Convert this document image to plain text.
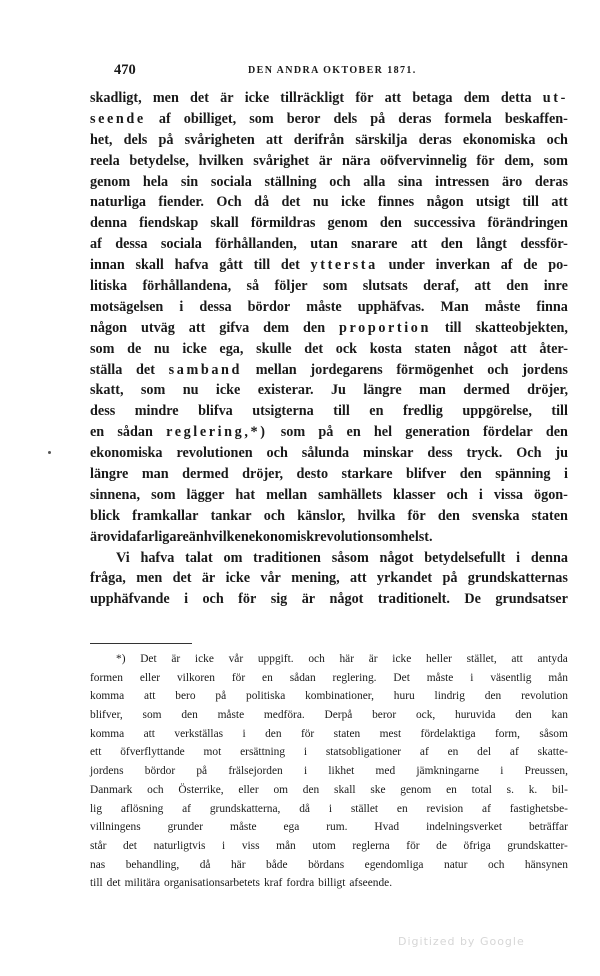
470	DEN ANDRA OKTOBER 1871.
skadligt, men det är icke tillräckligt för att betaga dem detta ut-
seende af obilliget, som beror dels på deras formela beskaffen-
het, dels på svårigheten att derifrån särskilja deras ekonomiska och
reela betydelse, hvilken svårighet är nära oöfvervinnelig för dem, som
genom hela sin sociala ställning och alla sina intressen äro deras
naturliga fiender. Och då det nu icke finnes någon utsigt till att
denna fiendskap skall förmildras genom den successiva förändringen
af dessa sociala förhållanden, utan snarare att den långt dessför-
innan skall hafva gått till det yttersta under inverkan af de po-
litiska förhållandena, så följer som slutsats deraf, att den inre
motsägelsen i dessa bördor måste upphäfvas. Man måste finna
någon utväg att gifva dem den proportion till skatteobjekten,
som de nu icke ega, skulle det ock kosta staten något att åter-
ställa det samband mellan jordegarens förmögenhet och jordens
skatt, som nu icke existerar. Ju längre man dermed dröjer,
dess mindre blifva utsigterna till en fredlig uppgörelse, till
en sådan reglering,*) som på en hel generation fördelar den
ekonomiska revolutionen och sålunda minskar dess tryck. Och ju
längre man dermed dröjer, desto starkare blifver den spänning i
sinnena, som lägger hat mellan samhällets klasser och i vissa ögon-
blick framkallar tankar och känslor, hvilka för den svenska staten
äro vida farligare än hvilken ekonomisk revolution som helst.
Vi hafva talat om traditionen såsom något betydelsefullt i denna
fråga, men det är icke vår mening, att yrkandet på grundskatternas
upphäfvande i och för sig är något traditionelt. De grundsatser
*) Det är icke vår uppgift. och här är icke heller stället, att antyda
formen eller vilkoren för en sådan reglering. Det måste i väsentlig mån
komma att bero på politiska kombinationer, huru lindrig den revolution
blifver, som den måste medföra. Derpå beror ock, huruvida den kan
komma att verkställas i den för staten mest fördelaktiga form, såsom
ett öfverflyttande mot ersättning i statsobligationer af en del af skatte-
jordens bördor på frälsejorden i likhet med jämkningarne i Preussen,
Danmark och Österrike, eller om den skall ske genom en total s. k. bil-
lig aflösning af grundskatterna, då i stället en revision af fastighetsbe-
villningens grunder måste ega rum. Hvad indelningsverket beträffar
står det naturligtvis i viss mån utom reglerna för de öfriga grundskatter-
nas behandling, då här både bördans egendomliga natur och hänsynen
till det militära organisationsarbetets kraf fordra billigt afseende.
Digitized by Google
